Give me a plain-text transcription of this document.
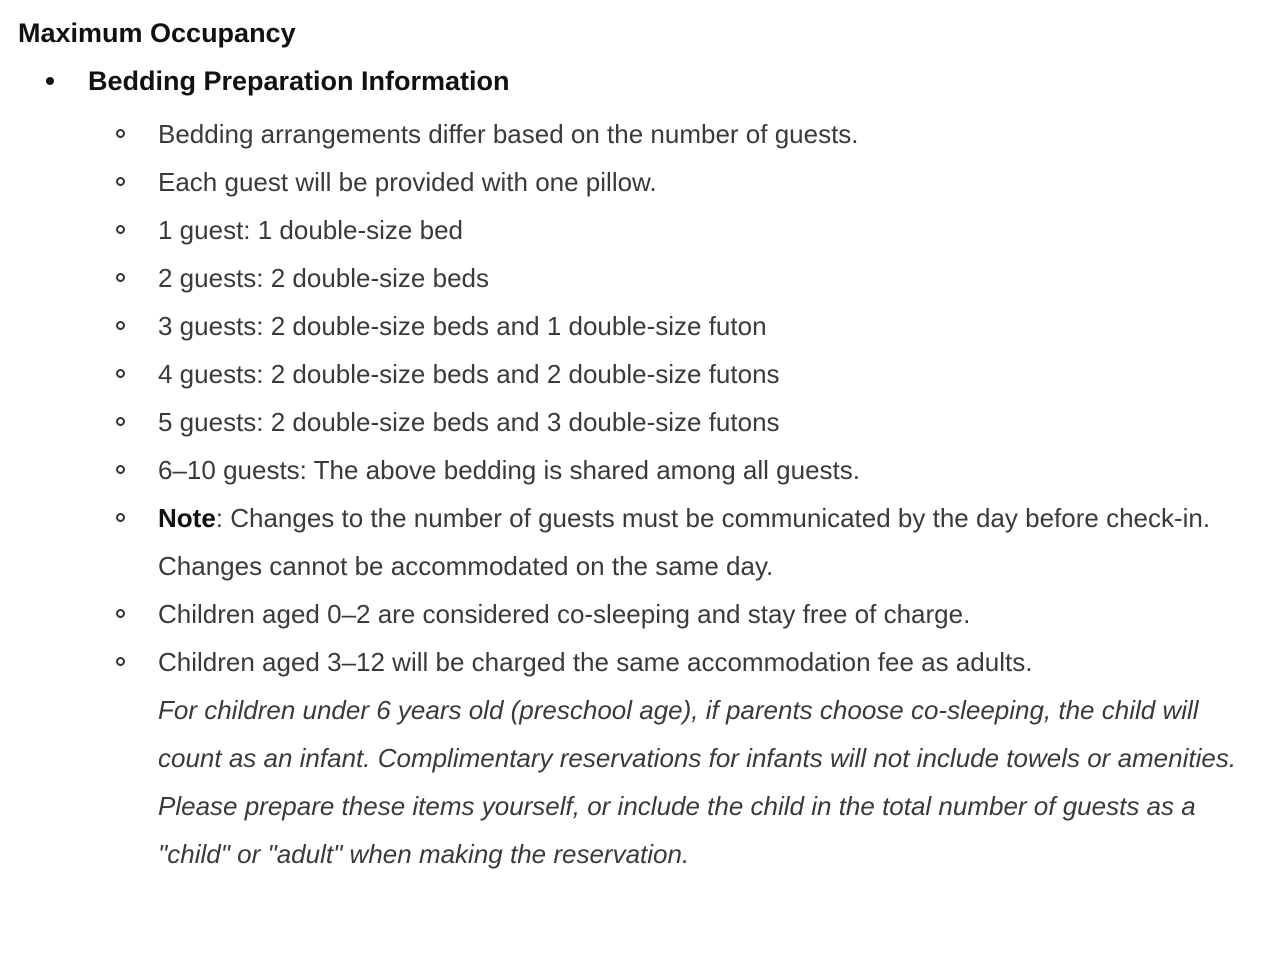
Maximum Occupancy
Bedding Preparation Information
Bedding arrangements differ based on the number of guests.
Each guest will be provided with one pillow.
1 guest: 1 double-size bed
2 guests: 2 double-size beds
3 guests: 2 double-size beds and 1 double-size futon
4 guests: 2 double-size beds and 2 double-size futons
5 guests: 2 double-size beds and 3 double-size futons
6–10 guests: The above bedding is shared among all guests.
Note: Changes to the number of guests must be communicated by the day before check-in. Changes cannot be accommodated on the same day.
Children aged 0–2 are considered co-sleeping and stay free of charge.
Children aged 3–12 will be charged the same accommodation fee as adults.
For children under 6 years old (preschool age), if parents choose co-sleeping, the child will count as an infant. Complimentary reservations for infants will not include towels or amenities. Please prepare these items yourself, or include the child in the total number of guests as a "child" or "adult" when making the reservation.
